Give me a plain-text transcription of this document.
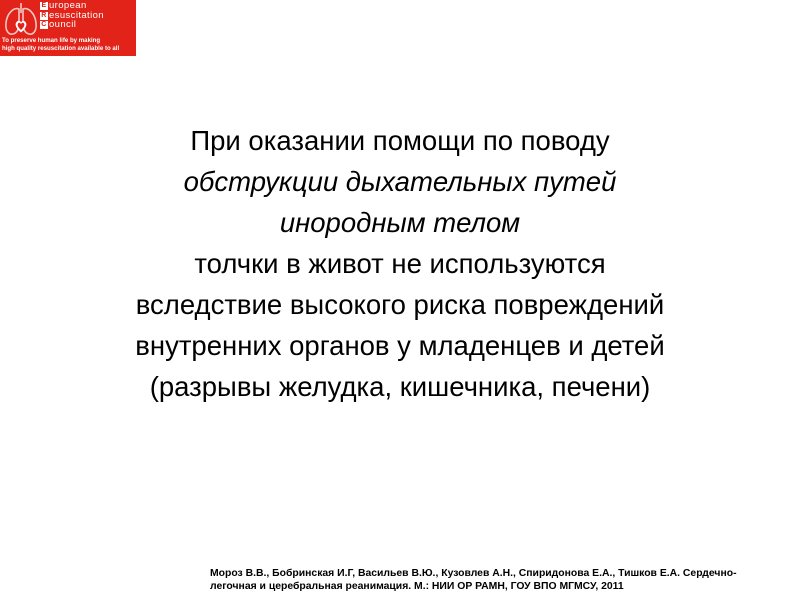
E uropean
R esuscitation
C ouncil
To preserve human life by making
high quality resuscitation available to all
При оказании помощи по поводу
обструкции дыхательных путей
инородным телом
толчки в живот не используются
вследствие высокого риска повреждений
внутренних органов у младенцев и детей
(разрывы желудка, кишечника, печени)
Мороз В.В., Бобринская И.Г, Васильев В.Ю., Кузовлев А.Н., Спиридонова Е.А., Тишков Е.А. Сердечно-
легочная и церебральная реанимация. М.: НИИ ОР РАМН, ГОУ ВПО МГМСУ, 2011
